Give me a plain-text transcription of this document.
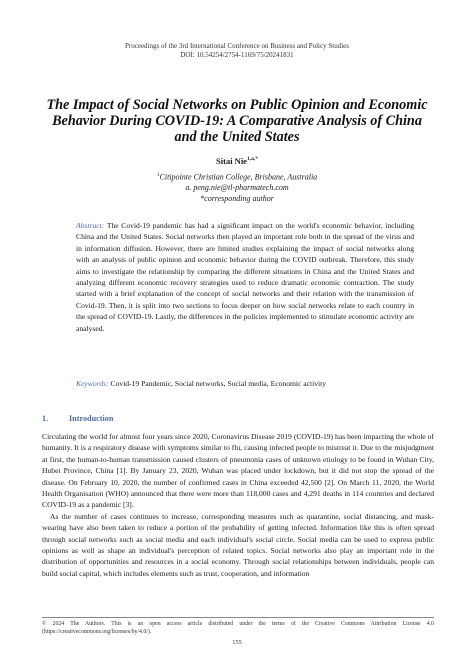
Proceedings of the 3rd International Conference on Business and Policy Studies
DOI: 10.54254/2754-1169/75/20241831
The Impact of Social Networks on Public Opinion and Economic Behavior During COVID-19: A Comparative Analysis of China and the United States
Sitai Nie$^{1,a,*}$
$^1$Citipointe Christian College, Brisbane, Australia
a. peng.nie@tl-pharmatech.com
*corresponding author

Abstract: The Covid-19 pandemic has had a significant impact on the world's economic behavior, including China and the United States. Social networks then played an important role both in the spread of the virus and in information diffusion. However, there are limited studies explaining the impact of social networks along with an analysis of public opinion and economic behavior during the COVID outbreak. Therefore, this study aims to investigate the relationship by comparing the different situations in China and the United States and analyzing different economic recovery strategies used to reduce dramatic economic contraction. The study started with a brief explanation of the concept of social networks and their relation with the transmission of Covid-19. Then, it is split into two sections to focus deeper on how social networks relate to each country in the spread of COVID-19. Lastly, the differences in the policies implemented to stimulate economic activity are analysed.

Keywords: Covid-19 Pandemic, Social networks, Social media, Economic activity

1.	Introduction

Circulating the world for almost four years since 2020, Coronavirus Disease 2019 (COVID-19) has been impacting the whole of humanity. It is a respiratory disease with symptoms similar to flu, causing infected people to mistreat it. Due to the misjudgment at first, the human-to-human transmission caused clusters of pneumonia cases of unknown etiology to be found in Wuhan City, Hubei Province, China [1]. By January 23, 2020, Wuhan was placed under lockdown, but it did not stop the spread of the disease. On February 10, 2020, the number of confirmed cases in China exceeded 42,500 [2]. On March 11, 2020, the World Health Organisation (WHO) announced that there were more than 118,000 cases and 4,291 deaths in 114 countries and declared COVID-19 as a pandemic [3].

As the number of cases continues to increase, corresponding measures such as quarantine, social distancing, and mask-wearing have also been taken to reduce a portion of the probability of getting infected. Information like this is often spread through social networks such as social media and each individual's social circle. Social media can be used to express public opinions as well as shape an individual's perception of related topics. Social networks also play an important role in the distribution of opportunities and resources in a social economy. Through social relationships between individuals, people can build social capital, which includes elements such as trust, cooperation, and information

© 2024 The Authors. This is an open access article distributed under the terms of the Creative Commons Attribution License 4.0 (https://creativecommons.org/licenses/by/4.0/).
155
